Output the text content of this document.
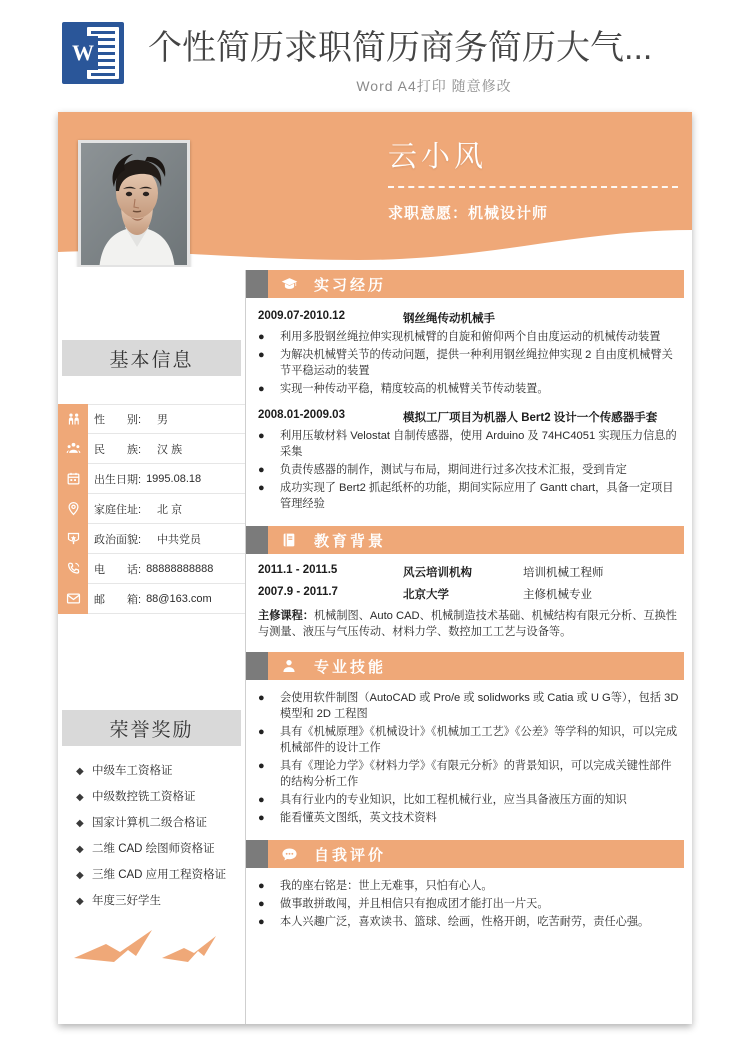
W 个性简历求职简历商务简历大气...
Word A4打印 随意修改
云小风
求职意愿：机械设计师
基本信息
性　　别: 　男
民　　族: 　汉 族
出生日期: 1995.08.18
家庭住址: 　北 京
政治面貌: 　中共党员
电　　话: 88888888888
邮　　箱: 88@163.com
荣誉奖励
◆ 中级车工资格证
◆ 中级数控铣工资格证
◆ 国家计算机二级合格证
◆ 二维 CAD 绘图师资格证
◆ 三维 CAD 应用工程资格证
◆ 年度三好学生
实习经历
2009.07-2010.12	钢丝绳传动机械手
●	利用多股钢丝绳拉伸实现机械臂的自旋和俯仰两个自由度运动的机械传动装置
●	为解决机械臂关节的传动问题，提供一种利用钢丝绳拉伸实现 2 自由度机械臂关节平稳运动的装置
●	实现一种传动平稳，精度较高的机械臂关节传动装置。
2008.01-2009.03	模拟工厂项目为机器人 Bert2 设计一个传感器手套
●	利用压敏材料 Velostat 自制传感器，使用 Arduino 及 74HC4051 实现压力信息的采集
●	负责传感器的制作，测试与布局，期间进行过多次技术汇报，受到肯定
●	成功实现了 Bert2 抓起纸杯的功能，期间实际应用了 Gantt chart，具备一定项目管理经验
教育背景
2011.1 - 2011.5	风云培训机构	培训机械工程师
2007.9 - 2011.7	北京大学	主修机械专业
主修课程：机械制图、Auto CAD、机械制造技术基础、机械结构有限元分析、互换性与测量、液压与气压传动、材料力学、数控加工工艺与设备等。
专业技能
●	会使用软件制图（AutoCAD 或 Pro/e 或 solidworks 或 Catia 或 U G等），包括 3D 模型和 2D 工程图
●	具有《机械原理》《机械设计》《机械加工工艺》《公差》等学科的知识，可以完成机械部件的设计工作
●	具有《理论力学》《材料力学》《有限元分析》的背景知识，可以完成关键性部件的结构分析工作
●	具有行业内的专业知识，比如工程机械行业，应当具备液压方面的知识
●	能看懂英文图纸，英文技术资料
自我评价
●	我的座右铭是：世上无难事，只怕有心人。
●	做事敢拼敢闯，并且相信只有抱成团才能打出一片天。
●	本人兴趣广泛，喜欢读书、篮球、绘画，性格开朗，吃苦耐劳，责任心强。
